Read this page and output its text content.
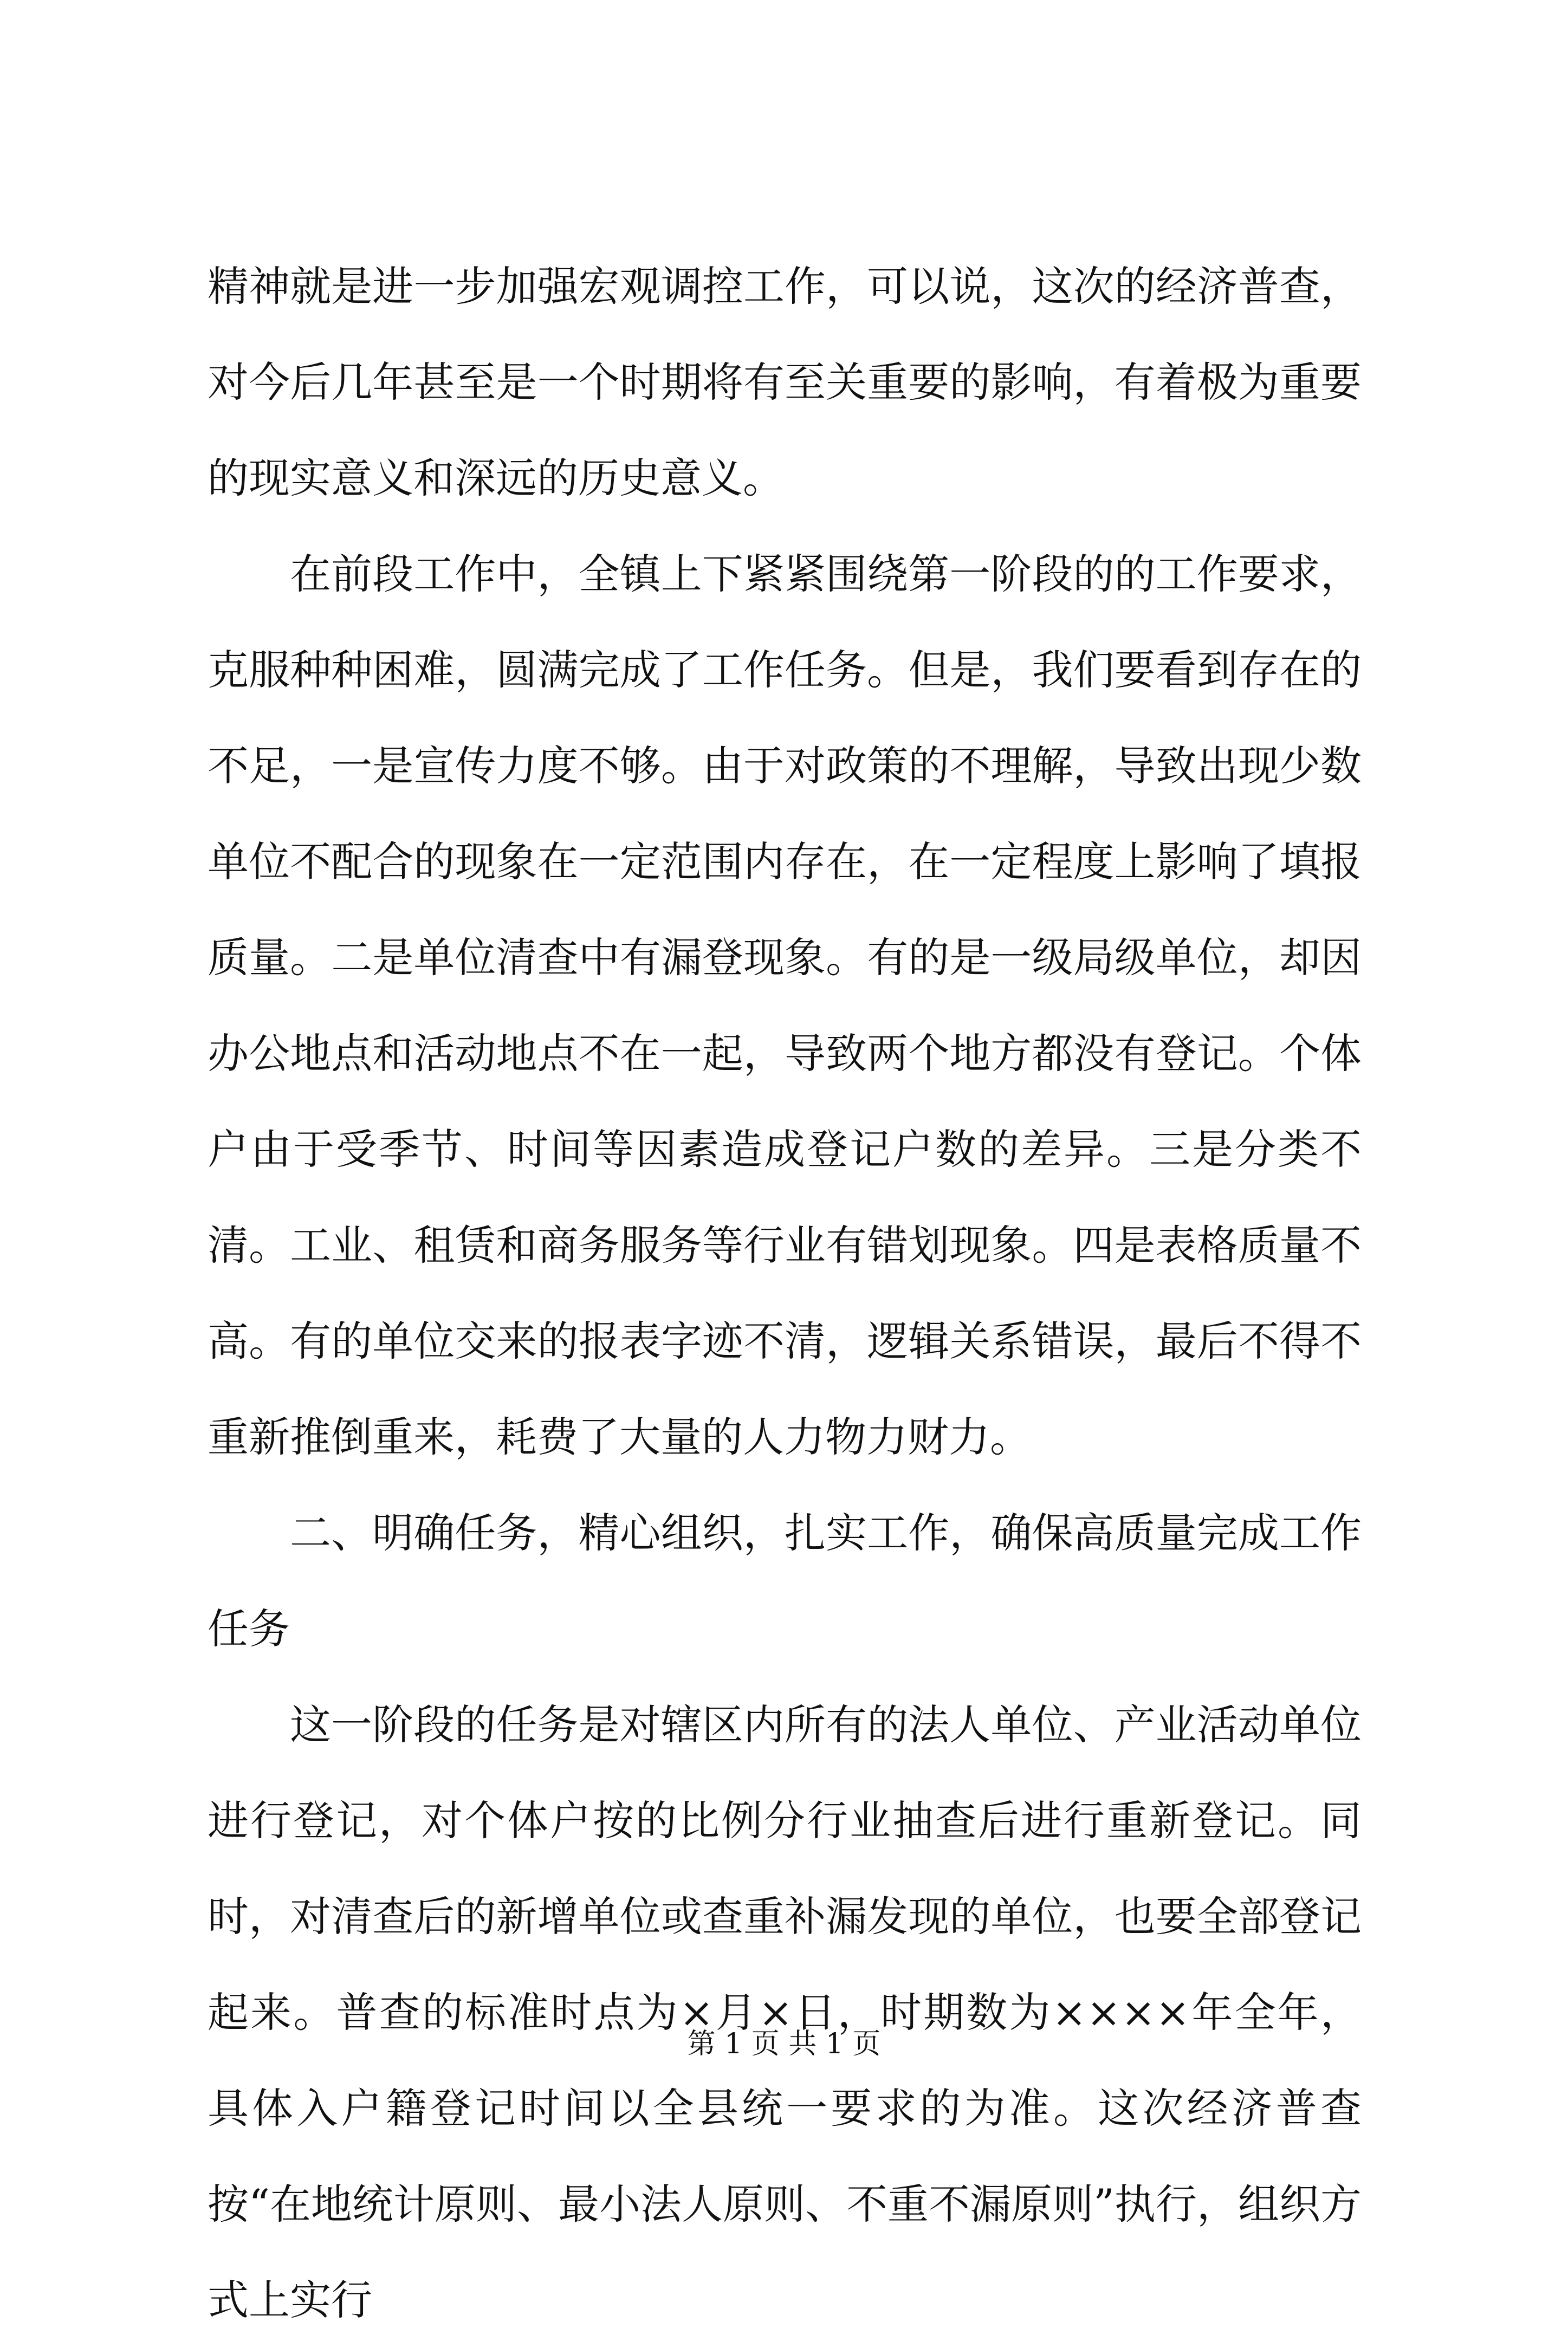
精神就是进一步加强宏观调控工作，可以说，这次的经济普查，对今后几年甚至是一个时期将有至关重要的影响，有着极为重要的现实意义和深远的历史意义。

在前段工作中，全镇上下紧紧围绕第一阶段的的工作要求，克服种种困难，圆满完成了工作任务。但是，我们要看到存在的不足，一是宣传力度不够。由于对政策的不理解，导致出现少数单位不配合的现象在一定范围内存在，在一定程度上影响了填报质量。二是单位清查中有漏登现象。有的是一级局级单位，却因办公地点和活动地点不在一起，导致两个地方都没有登记。个体户由于受季节、时间等因素造成登记户数的差异。三是分类不清。工业、租赁和商务服务等行业有错划现象。四是表格质量不高。有的单位交来的报表字迹不清，逻辑关系错误，最后不得不重新推倒重来，耗费了大量的人力物力财力。

二、明确任务，精心组织，扎实工作，确保高质量完成工作任务

这一阶段的任务是对辖区内所有的法人单位、产业活动单位进行登记，对个体户按的比例分行业抽查后进行重新登记。同时，对清查后的新增单位或查重补漏发现的单位，也要全部登记起来。普查的标准时点为×月×日，时期数为××××年全年，具体入户籍登记时间以全县统一要求的为准。这次经济普查按“在地统计原则、最小法人原则、不重不漏原则”执行，组织方式上实行

第 1 页 共 1 页
